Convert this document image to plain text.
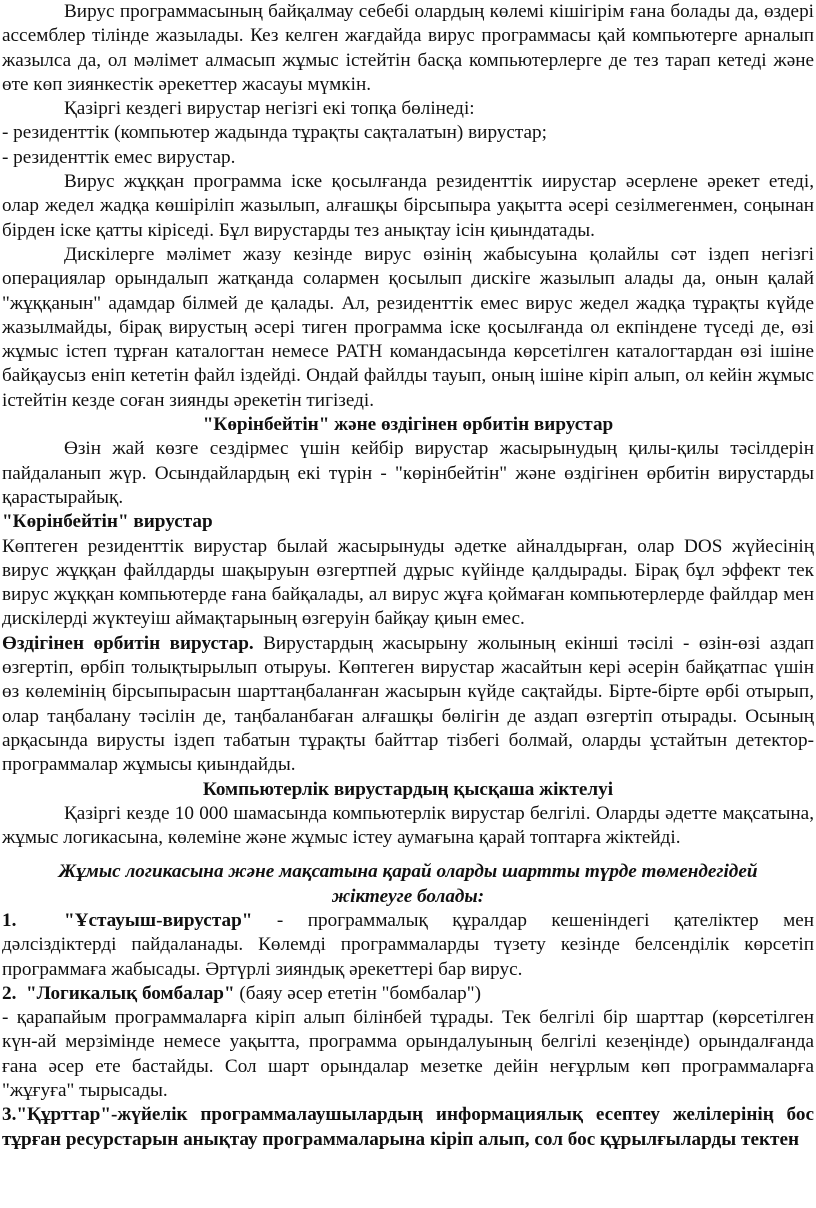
Вирус программасының байқалмау себебі олардың көлемі кішігірім ғана болады да, өздері ассемблер тілінде жазылады. Кез келген жағдайда вирус программасы қай компьютерге арналып жазылса да, ол мәлімет алмасып жұмыс істейтін басқа компьютерлерге де тез тарап кетеді және өте көп зиянкестік әрекеттер жасауы мүмкін.

Қазіргі кездегі вирустар негізгі екі топқа бөлінеді:

- резиденттік (компьютер жадында тұрақты сақталатын) вирустар;

- резиденттік емес вирустар.

Вирус жұққан программа іске қосылғанда резиденттік иирустар әсерлене әрекет етеді, олар жедел жадқа көшіріліп жазылып, алғашқы бірсыпыра уақытта әсері сезілмегенмен, соңынан бірден іске қатты кіріседі. Бұл вирустарды тез анықтау ісін қиындатады.

Дискілерге мәлімет жазу кезінде вирус өзінің жабысуына қолайлы сәт іздеп негізгі операциялар орындалып жатқанда солармен қосылып дискіге жазылып алады да, онын қалай "жұққанын" адамдар білмей де қалады. Ал, резиденттік емес вирус жедел жадқа тұрақты күйде жазылмайды, бірақ вирустың әсері тиген программа іске қосылғанда ол екпіндене түседі де, өзі жұмыс істеп тұрған каталогтан немесе PATH командасында көрсетілген каталогтардан өзі ішіне байқаусыз еніп кететін файл іздейді. Ондай файлды тауып, оның ішіне кіріп алып, ол кейін жұмыс істейтін кезде соған зиянды әрекетін тигізеді.

"Көрінбейтін" және өздігінен өрбитін вирустар

Өзін жай көзге сездірмес үшін кейбір вирустар жасырынудың қилы-қилы тәсілдерін пайдаланып жүр. Осындайлардың екі түрін - "көрінбейтін" және өздігінен өрбитін вирустарды қарастырайық.

"Көрінбейтін" вирустар

Көптеген резиденттік вирустар былай жасырынуды әдетке айналдырған, олар DOS жүйесінің вирус жұққан файлдарды шақыруын өзгертпей дұрыс күйінде қалдырады. Бірақ бұл эффект тек вирус жұққан компьютерде ғана байқалады, ал вирус жұға қоймаған компьютерлерде файлдар мен дискілерді жүктеуіш аймақтарының өзгеруін байқау қиын емес.

Өздігінен өрбитін вирустар. Вирустардың жасырыну жолының екінші тәсілі - өзін-өзі аздап өзгертіп, өрбіп толықтырылып отыруы. Көптеген вирустар жасайтын кері әсерін байқатпас үшін өз көлемінің бірсыпырасын шарттаңбаланған жасырын күйде сақтайды. Бірте-бірте өрбі отырып, олар таңбалану тәсілін де, таңбаланбаған алғашқы бөлігін де аздап өзгертіп отырады. Осының арқасында вирусты іздеп табатын тұрақты байттар тізбегі болмай, оларды ұстайтын детектор-программалар жұмысы қиындайды.

Компьютерлік вирустардың қысқаша жіктелуі

Қазіргі кезде 10 000 шамасында компьютерлік вирустар белгілі. Оларды әдетте мақсатына, жұмыс логикасына, көлеміне және жұмыс істеу аумағына қарай топтарға жіктейді.

Жұмыс логикасына және мақсатына қарай оларды шартты түрде төмендегідей жіктеуге болады:

1. "Ұстауыш-вирустар" - программалық құралдар кешеніндегі қателіктер мен дәлсіздіктерді пайдаланады. Көлемді программаларды түзету кезінде белсенділік көрсетіп программаға жабысады. Әртүрлі зияндық әрекеттері бар вирус.

2. "Логикалық бомбалар" (баяу әсер ететін "бомбалар")

- қарапайым программаларға кіріп алып білінбей тұрады. Тек белгілі бір шарттар (көрсетілген күн-ай мерзімінде немесе уақытта, программа орындалуының белгілі кезеңінде) орындалғанда ғана әсер ете бастайды. Сол шарт орындалар мезетке дейін неғұрлым көп программаларға "жұғуға" тырысады.

3."Құрттар"-жүйелік программалаушылардың информациялық есептеу желілерінің бос тұрған ресурстарын анықтау программаларына кіріп алып, сол бос құрылғыларды тектен
